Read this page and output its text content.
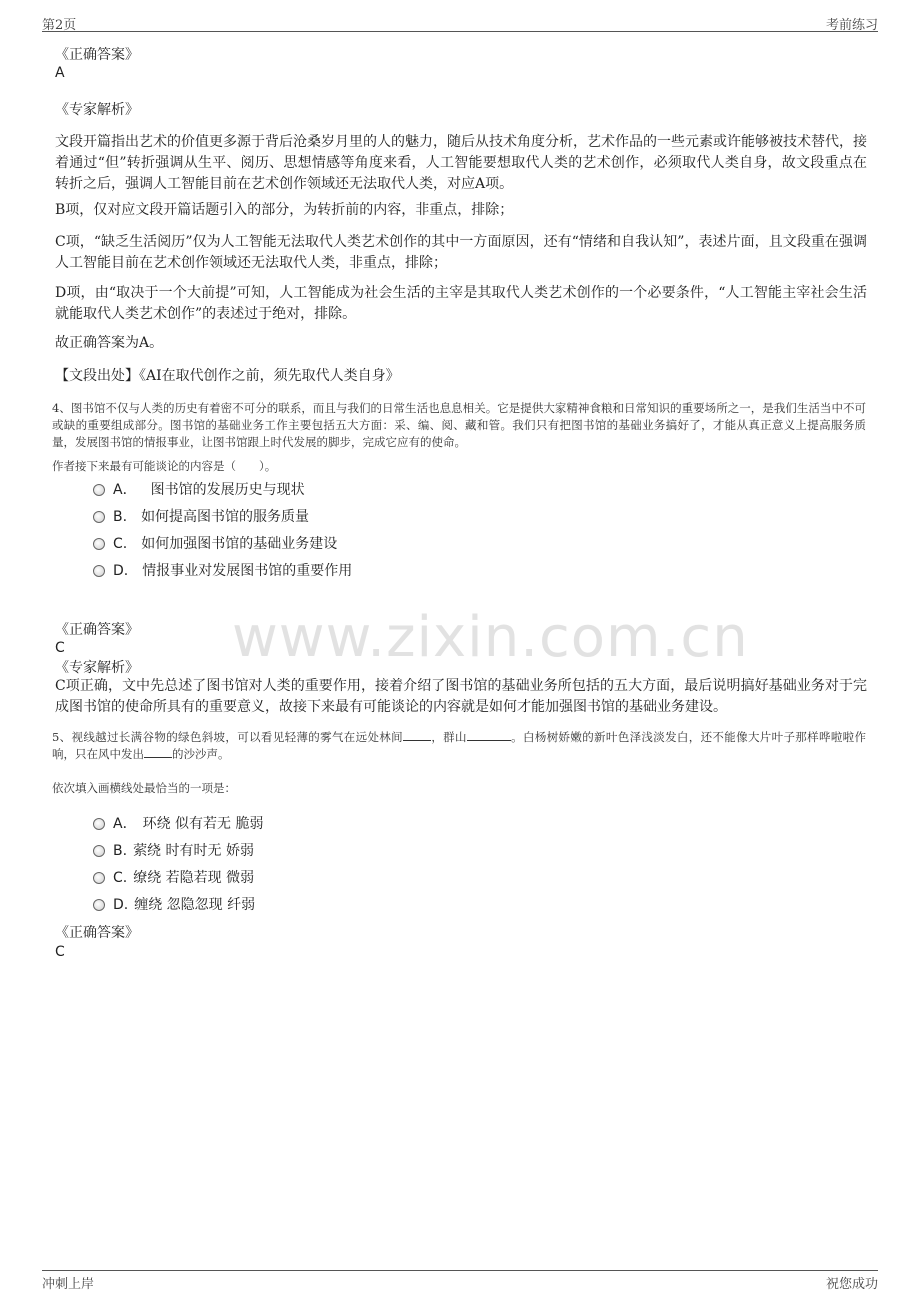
第2页	考前练习
www.zixin.com.cn
《正确答案》
A
《专家解析》
文段开篇指出艺术的价值更多源于背后沧桑岁月里的人的魅力，随后从技术角度分析，艺术作品的一些元素或许能够被技术替代，接着通过“但”转折强调从生平、阅历、思想情感等角度来看，人工智能要想取代人类的艺术创作，必须取代人类自身，故文段重点在转折之后，强调人工智能目前在艺术创作领域还无法取代人类，对应A项。
B项，仅对应文段开篇话题引入的部分，为转折前的内容，非重点，排除；
C项，“缺乏生活阅历”仅为人工智能无法取代人类艺术创作的其中一方面原因，还有“情绪和自我认知”，表述片面，且文段重在强调人工智能目前在艺术创作领域还无法取代人类，非重点，排除；
D项，由“取决于一个大前提”可知，人工智能成为社会生活的主宰是其取代人类艺术创作的一个必要条件，“人工智能主宰社会生活就能取代人类艺术创作”的表述过于绝对，排除。
故正确答案为A。
【文段出处】《AI在取代创作之前，须先取代人类自身》
4、图书馆不仅与人类的历史有着密不可分的联系，而且与我们的日常生活也息息相关。它是提供大家精神食粮和日常知识的重要场所之一，是我们生活当中不可或缺的重要组成部分。图书馆的基础业务工作主要包括五大方面：采、编、阅、藏和管。我们只有把图书馆的基础业务搞好了，才能从真正意义上提高服务质量，发展图书馆的情报事业，让图书馆跟上时代发展的脚步，完成它应有的使命。
作者接下来最有可能谈论的内容是（　　）。
A． 图书馆的发展历史与现状
B. 如何提高图书馆的服务质量
C. 如何加强图书馆的基础业务建设
D. 情报事业对发展图书馆的重要作用
《正确答案》
C
《专家解析》
C项正确，文中先总述了图书馆对人类的重要作用，接着介绍了图书馆的基础业务所包括的五大方面，最后说明搞好基础业务对于完成图书馆的使命所具有的重要意义，故接下来最有可能谈论的内容就是如何才能加强图书馆的基础业务建设。
5、视线越过长满谷物的绿色斜坡，可以看见轻薄的雾气在远处林间 ，群山	。白杨树娇嫩的新叶色泽浅淡发白，还不能像大片叶子那样哗啦啦作响，只在风中发出 的沙沙声。
依次填入画横线处最恰当的一项是：
A． 环绕 似有若无 脆弱
B. 萦绕 时有时无 娇弱
C. 缭绕 若隐若现 微弱
D. 缠绕 忽隐忽现 纤弱
《正确答案》
C
冲刺上岸	祝您成功
